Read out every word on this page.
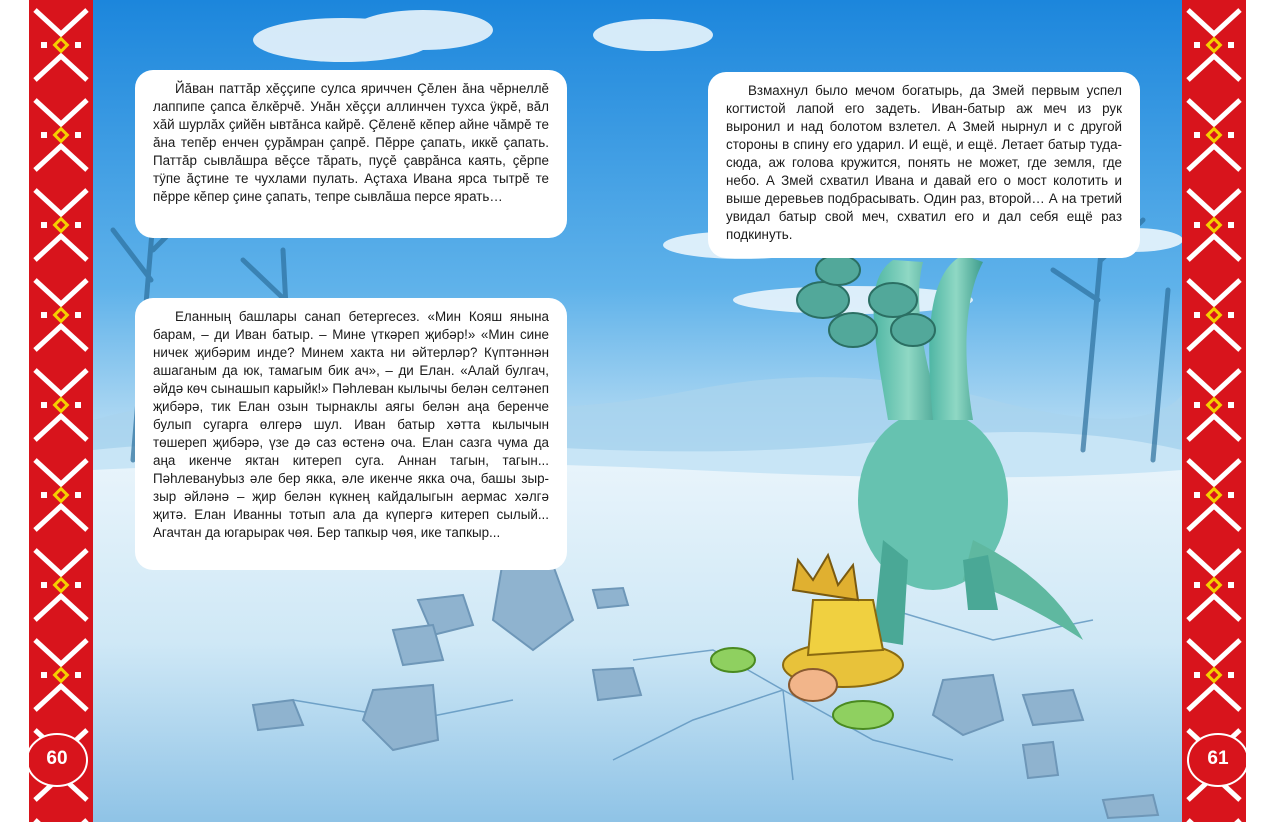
60	61
Йăван паттăр хĕççипе сулса яриччен Çĕлен ăна чĕрнеллĕ лаппипе çапса ĕлкĕрчĕ. Унăн хĕççи аллинчен тухса ÿкрĕ, вăл хăй шурлăх çийĕн ывтăнса кайрĕ. Çĕленĕ кĕпер айне чăмрĕ те ăна тепĕр енчен çурăмран çапрĕ. Пĕрре çапать, иккĕ çапать. Паттăр сывлăшра вĕçсе тăрать, пуçĕ çаврăнса каять, çĕрпе тÿпе ăçтине те чухлами пулать. Аçтаха Ивана ярса тытрĕ те пĕрре кĕпер çине çапать, тепре сывлăша персе ярать…
Еланның башлары санап бетергесез. «Мин Кояш янына барам, – ди Иван батыр. – Мине үткәреп җибәр!» «Мин сине ничек җибәрим инде? Минем хакта ни әйтерләр? Күптәннән ашаганым да юк, тамагым бик ач», – ди Елан. «Алай булгач, әйдә көч сынашып карыйк!» Пәһлеван кылычы белән селтәнеп җибәрә, тик Елан озын тырнаклы аягы белән аңа беренче булып сугарга өлгерә шул. Иван батыр хәтта кылычын төшереп җибәрә, үзе дә саз өстенә оча. Елан сазга чума да аңа икенче яктан китереп суга. Аннан тагын, тагын... Пәһлеванybыз әле бер якка, әле икенче якка оча, башы зыр-зыр әйләнә – җир белән күкнең кайдалыгын аермас хәлгә җитә. Елан Иванны тотып ала да күпергә китереп сылый... Агачтан да югарырак чөя. Бер тапкыр чөя, ике тапкыр...
Взмахнул было мечом богатырь, да Змей первым успел когтистой лапой его задеть. Иван-батыр аж меч из рук выронил и над болотом взлетел. А Змей нырнул и с другой стороны в спину его ударил. И ещё, и ещё. Летает батыр туда-сюда, аж голова кружится, понять не может, где земля, где небо. А Змей схватил Ивана и давай его о мост колотить и выше деревьев подбрасывать. Один раз, второй… А на третий увидал батыр свой меч, схватил его и дал себя ещё раз подкинуть.
